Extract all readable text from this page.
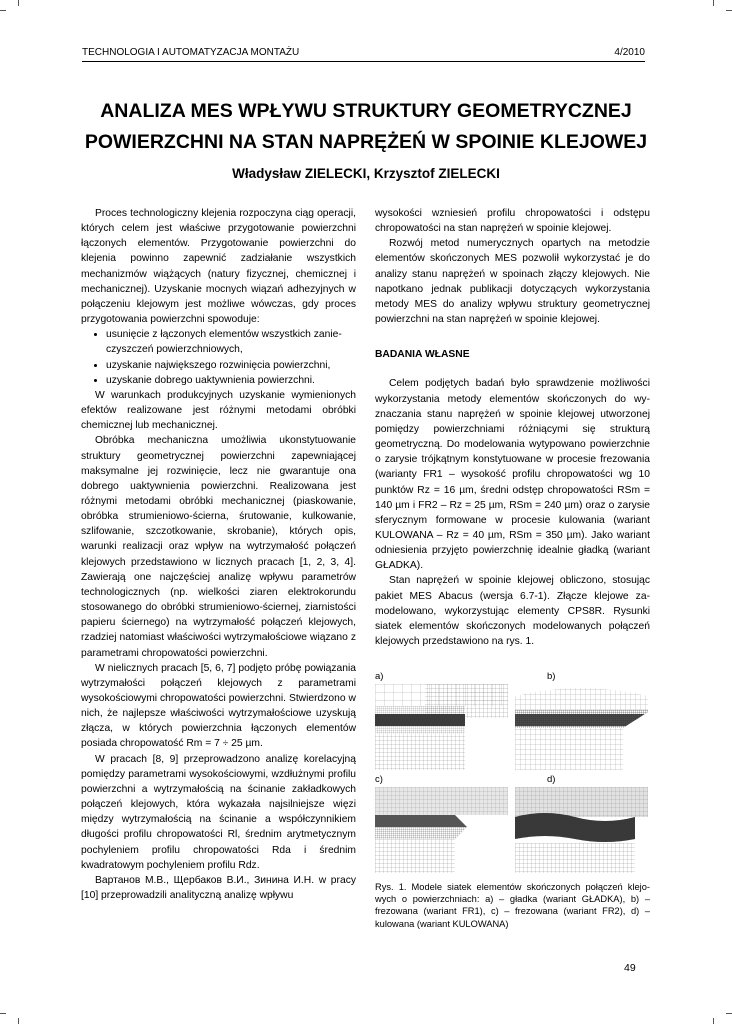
TECHNOLOGIA I AUTOMATYZACJA MONTAŻU	4/2010
ANALIZA MES WPŁYWU STRUKTURY GEOMETRYCZNEJ
POWIERZCHNI NA STAN NAPRĘŻEŃ W SPOINIE KLEJOWEJ
Władysław ZIELECKI, Krzysztof ZIELECKI

Proces technologiczny klejenia rozpoczyna ciąg operacji, których celem jest właściwe przygotowanie powierzchni łączonych elementów. Przygotowanie powierzchni do klejenia powinno zapewnić zadziałanie wszystkich mechanizmów wiążących (natury fizycznej, chemicznej i mechanicznej). Uzyskanie mocnych wiązań adhezyjnych w połączeniu klejowym jest możliwe wówczas, gdy proces przygotowania powierzchni spowoduje:

• usunięcie z łączonych elementów wszystkich zanieczyszczeń powierzchniowych,
• uzyskanie największego rozwinięcia powierzchni,
• uzyskanie dobrego uaktywnienia powierzchni.

W warunkach produkcyjnych uzyskanie wymienionych efektów realizowane jest różnymi metodami obróbki chemicznej lub mechanicznej.

Obróbka mechaniczna umożliwia ukonstytuowanie struktury geometrycznej powierzchni zapewniającej maksymalne jej rozwinięcie, lecz nie gwarantuje ona dobrego uaktywnienia powierzchni. Realizowana jest różnymi metodami obróbki mechanicznej (piaskowanie, obróbka strumieniowo-ścierna, śrutowanie, kulkowanie, szlifowanie, szczotkowanie, skrobanie), których opis, warunki realizacji oraz wpływ na wytrzymałość połączeń klejowych przedstawiono w licznych pracach [1, 2, 3, 4]. Zawierają one najczęściej analizę wpływu parametrów technologicznych (np. wielkości ziaren elektrokorundu stosowanego do obróbki strumieniowo-ściernej, ziarnistości papieru ściernego) na wytrzymałość połączeń klejowych, rzadziej natomiast właściwości wytrzymałościowe wiązano z parametrami chropowatości powierzchni.

W nielicznych pracach [5, 6, 7] podjęto próbę powiązania wytrzymałości połączeń klejowych z parametrami wysokościowymi chropowatości powierzchni. Stwierdzono w nich, że najlepsze właściwości wytrzymałościowe uzyskują złącza, w których powierzchnia łączonych elementów posiada chropowatość Rm = 7 ÷ 25 µm.

W pracach [8, 9] przeprowadzono analizę korelacyjną pomiędzy parametrami wysokościowymi, wzdłużnymi profilu powierzchni a wytrzymałością na ścinanie zakładkowych połączeń klejowych, która wykazała najsilniejsze więzi między wytrzymałością na ścinanie a współczynnikiem długości profilu chropowatości Rl, średnim arytmetycznym pochyleniem profilu chropowatości Rda i średnim kwadratowym pochyleniem profilu Rdz.

Вартанов М.В., Щербаков В.И., Зинина И.Н. w pracy [10] przeprowadzili analityczną analizę wpływu

wysokości wzniesień profilu chropowatości i odstępu chropowatości na stan naprężeń w spoinie klejowej.

Rozwój metod numerycznych opartych na metodzie elementów skończonych MES pozwolił wykorzystać je do analizy stanu naprężeń w spoinach złączy klejowych. Nie napotkano jednak publikacji dotyczących wykorzystania metody MES do analizy wpływu struktury geometrycznej powierzchni na stan naprężeń w spoinie klejowej.

BADANIA WŁASNE

Celem podjętych badań było sprawdzenie możliwości wykorzystania metody elementów skończonych do wyznaczania stanu naprężeń w spoinie klejowej utworzonej pomiędzy powierzchniami różniącymi się strukturą geometryczną. Do modelowania wytypowano powierzchnie o zarysie trójkątnym konstytuowane w procesie frezowania (warianty FR1 – wysokość profilu chropowatości wg 10 punktów Rz = 16 µm, średni odstęp chropowatości RSm = 140 µm i FR2 – Rz = 25 µm, RSm = 240 µm) oraz o zarysie sferycznym formowane w procesie kulowania (wariant KULOWANA – Rz = 40 µm, RSm = 350 µm). Jako wariant odniesienia przyjęto powierzchnię idealnie gładką (wariant GŁADKA).

Stan naprężeń w spoinie klejowej obliczono, stosując pakiet MES Abacus (wersja 6.7-1). Złącze klejowe zamodelowano, wykorzystując elementy CPS8R. Rysunki siatek elementów skończonych modelowanych połączeń klejowych przedstawiono na rys. 1.

a)	b)
c)	d)
Rys. 1. Modele siatek elementów skończonych połączeń klejowych o powierzchniach: a) – gładka (wariant GŁADKA), b) – frezowana (wariant FR1), c) – frezowana (wariant FR2), d) – kulowana (wariant KULOWANA)
49
